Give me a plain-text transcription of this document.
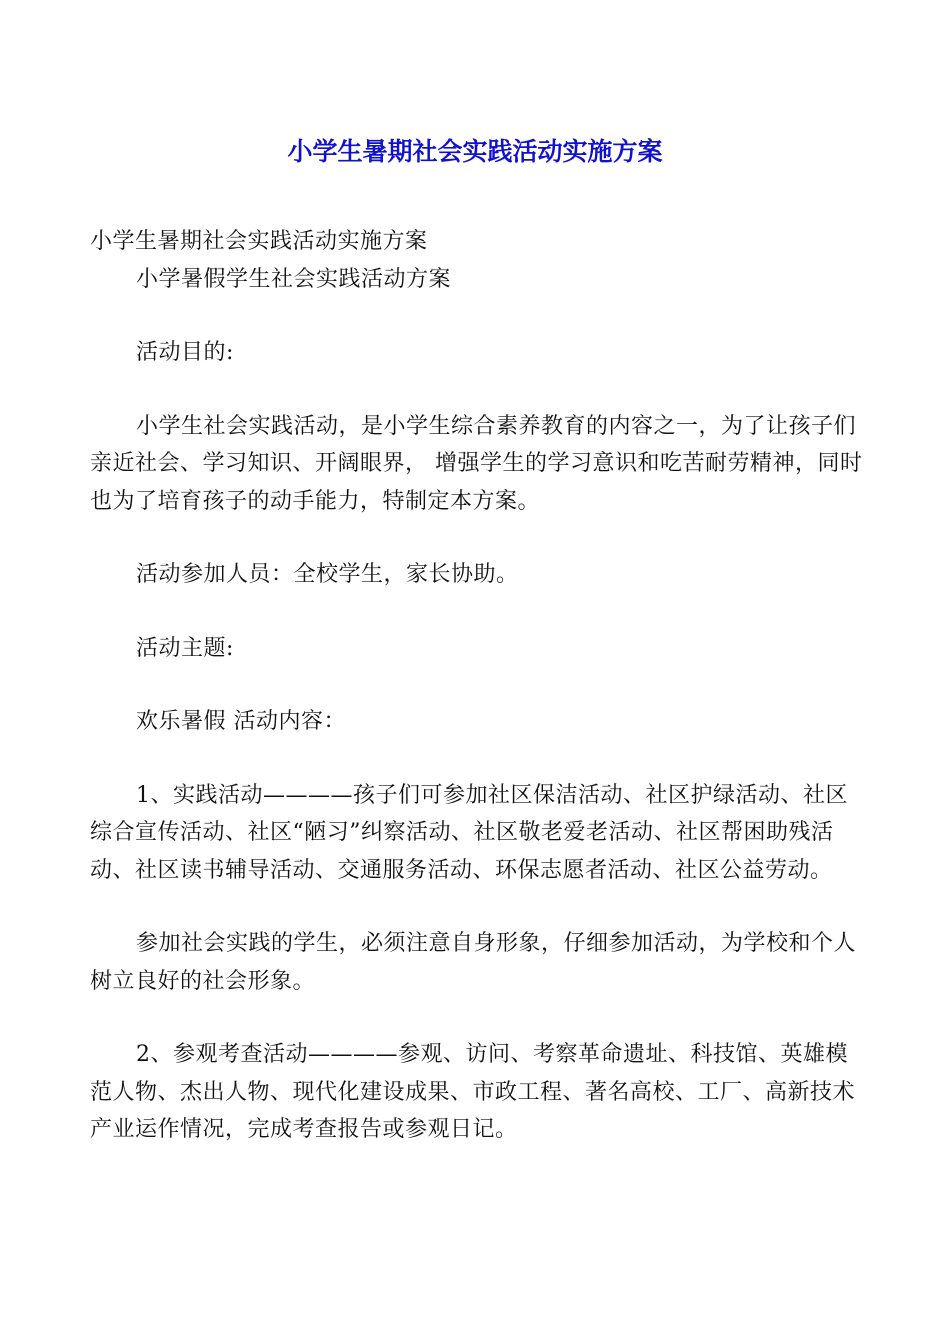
小学生暑期社会实践活动实施方案

小学生暑期社会实践活动实施方案

小学暑假学生社会实践活动方案

活动目的:

小学生社会实践活动，是小学生综合素养教育的内容之一，为了让孩子们亲近社会、学习知识、开阔眼界， 增强学生的学习意识和吃苦耐劳精神，同时也为了培育孩子的动手能力，特制定本方案。

活动参加人员：全校学生，家长协助。

活动主题:

欢乐暑假 活动内容：

1、实践活动————孩子们可参加社区保洁活动、社区护绿活动、社区综合宣传活动、社区“陋习”纠察活动、社区敬老爱老活动、社区帮困助残活动、社区读书辅导活动、交通服务活动、环保志愿者活动、社区公益劳动。

参加社会实践的学生，必须注意自身形象，仔细参加活动，为学校和个人树立良好的社会形象。

2、参观考查活动————参观、访问、考察革命遗址、科技馆、英雄模范人物、杰出人物、现代化建设成果、市政工程、著名高校、工厂、高新技术产业运作情况，完成考查报告或参观日记。
